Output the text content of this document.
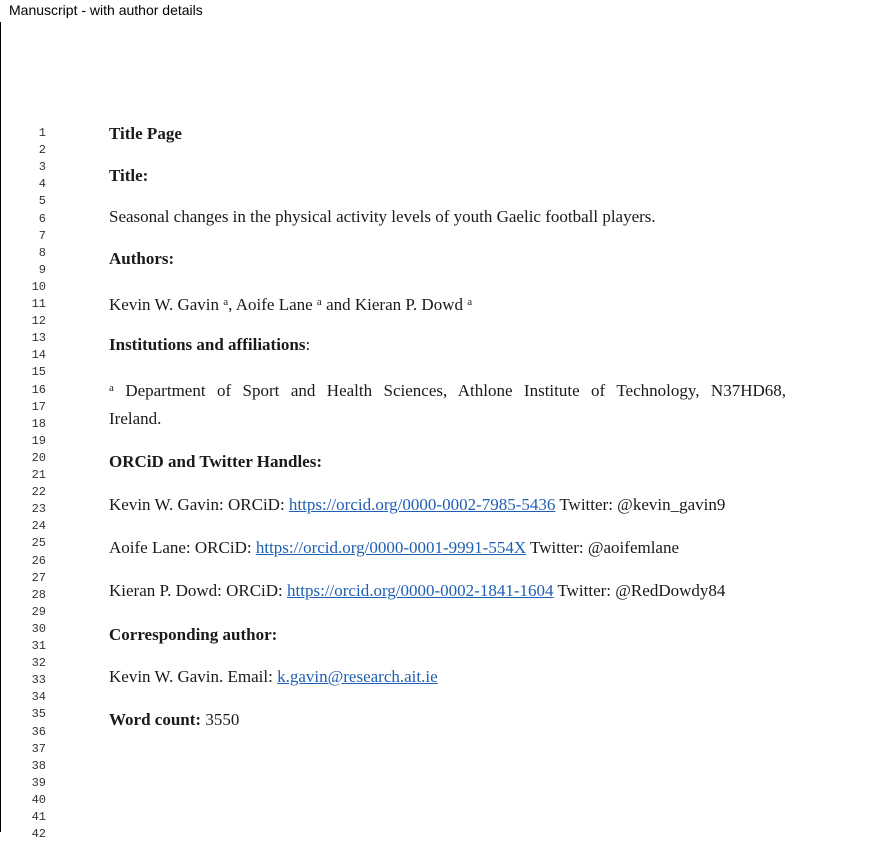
Manuscript - with author details
1
2
3
4
5
6
7
8
9
10
11
12
13
14
15
16
17
18
19
20
21
22
23
24
25
26
27
28
29
30
31
32
33
34
35
36
37
38
39
40
41
42
Title Page
Title:
Seasonal changes in the physical activity levels of youth Gaelic football players.
Authors:
Kevin W. Gavin $^a$, Aoife Lane $^a$ and Kieran P. Dowd $^a$
Institutions and affiliations:
$^a$ Department of Sport and Health Sciences, Athlone Institute of Technology, N37HD68,
Ireland.
ORCiD and Twitter Handles:
Kevin W. Gavin: ORCiD: https://orcid.org/0000-0002-7985-5436 Twitter: @kevin_gavin9
Aoife Lane: ORCiD: https://orcid.org/0000-0001-9991-554X Twitter: @aoifemlane
Kieran P. Dowd: ORCiD: https://orcid.org/0000-0002-1841-1604 Twitter: @RedDowdy84
Corresponding author:
Kevin W. Gavin. Email: k.gavin@research.ait.ie
Word count: 3550
